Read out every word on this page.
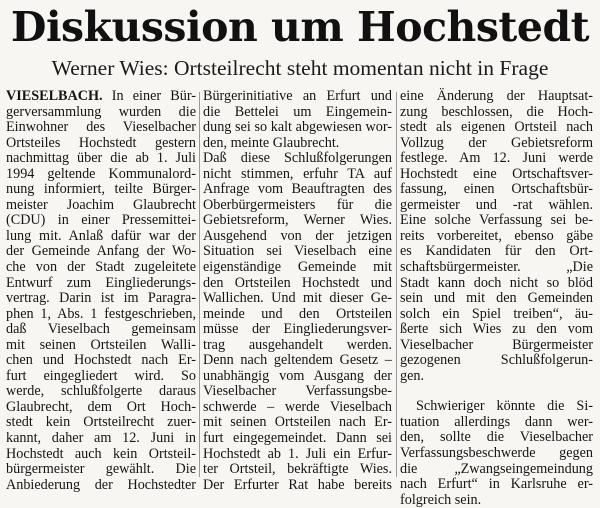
Diskussion um Hochstedt
Werner Wies: Ortsteilrecht steht momentan nicht in Frage
VIESELBACH. In einer Bür-
gerversammlung wurden die
Einwohner des Vieselbacher
Ortsteiles Hochstedt gestern
nachmittag über die ab 1. Juli
1994 geltende Kommunalord-
nung informiert, teilte Bürger-
meister Joachim Glaubrecht
(CDU) in einer Pressemittei-
lung mit. Anlaß dafür war der
der Gemeinde Anfang der Wo-
che von der Stadt zugeleitete
Entwurf zum Eingliederungs-
vertrag. Darin ist im Paragra-
phen 1, Abs. 1 festgeschrieben,
daß Vieselbach gemeinsam
mit seinen Ortsteilen Walli-
chen und Hochstedt nach Er-
furt eingegliedert wird. So
werde, schlußfolgerte daraus
Glaubrecht, dem Ort Hoch-
stedt kein Ortsteilrecht zuer-
kannt, daher am 12. Juni in
Hochstedt auch kein Ortsteil-
bürgermeister gewählt. Die
Anbiederung der Hochstedter
Bürgerinitiative an Erfurt und
die Bettelei um Eingemein-
dung sei so kalt abgewiesen wor-
den, meinte Glaubrecht.
Daß diese Schlußfolgerungen
nicht stimmen, erfuhr TA auf
Anfrage vom Beauftragten des
Oberbürgermeisters für die
Gebietsreform, Werner Wies.
Ausgehend von der jetzigen
Situation sei Vieselbach eine
eigenständige Gemeinde mit
den Ortsteilen Hochstedt und
Wallichen. Und mit dieser Ge-
meinde und den Ortsteilen
müsse der Eingliederungsver-
trag ausgehandelt werden.
Denn nach geltendem Gesetz –
unabhängig vom Ausgang der
Vieselbacher Verfassungsbe-
schwerde – werde Vieselbach
mit seinen Ortsteilen nach Er-
furt eingegemeindet. Dann sei
Hochstedt ab 1. Juli ein Erfur-
ter Ortsteil, bekräftigte Wies.
Der Erfurter Rat habe bereits
eine Änderung der Hauptsat-
zung beschlossen, die Hoch-
stedt als eigenen Ortsteil nach
Vollzug der Gebietsreform
festlege. Am 12. Juni werde
Hochstedt eine Ortschaftsver-
fassung, einen Ortschaftsbür-
germeister und -rat wählen.
Eine solche Verfassung sei be-
reits vorbereitet, ebenso gäbe
es Kandidaten für den Ort-
schaftsbürgermeister. „Die
Stadt kann doch nicht so blöd
sein und mit den Gemeinden
solch ein Spiel treiben“, äu-
ßerte sich Wies zu den vom
Vieselbacher Bürgermeister
gezogenen Schlußfolgerun-
gen.
Schwieriger könnte die Si-
tuation allerdings dann wer-
den, sollte die Vieselbacher
Verfassungsbeschwerde gegen
die „Zwangseingemeindung
nach Erfurt“ in Karlsruhe er-
folgreich sein.
